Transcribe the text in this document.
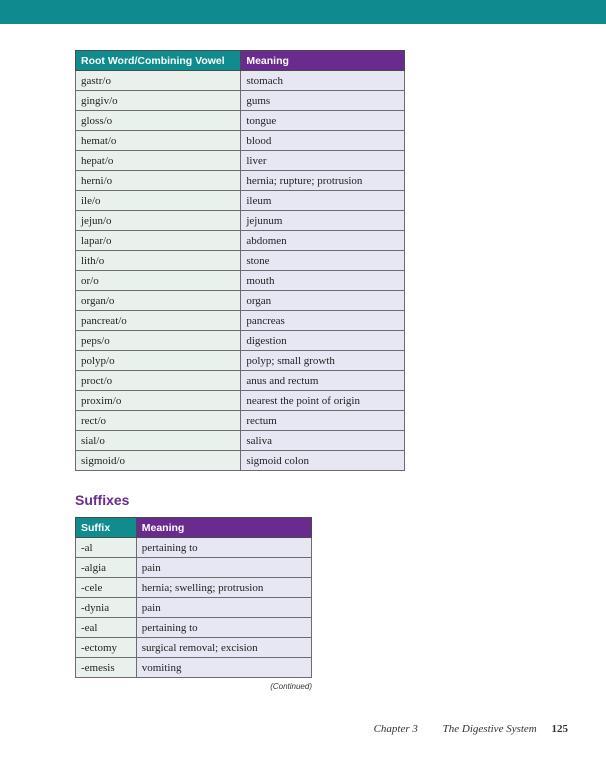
Root Word/Combining Vowel	Meaning
gastr/o	stomach
gingiv/o	gums
gloss/o	tongue
hemat/o	blood
hepat/o	liver
herni/o	hernia; rupture; protrusion
ile/o	ileum
jejun/o	jejunum
lapar/o	abdomen
lith/o	stone
or/o	mouth
organ/o	organ
pancreat/o	pancreas
peps/o	digestion
polyp/o	polyp; small growth
proct/o	anus and rectum
proxim/o	nearest the point of origin
rect/o	rectum
sial/o	saliva
sigmoid/o	sigmoid colon
Suffixes
Suffix	Meaning
-al	pertaining to
-algia	pain
-cele	hernia; swelling; protrusion
-dynia	pain
-eal	pertaining to
-ectomy	surgical removal; excision
-emesis	vomiting
(Continued)
Chapter 3 The Digestive System 125
